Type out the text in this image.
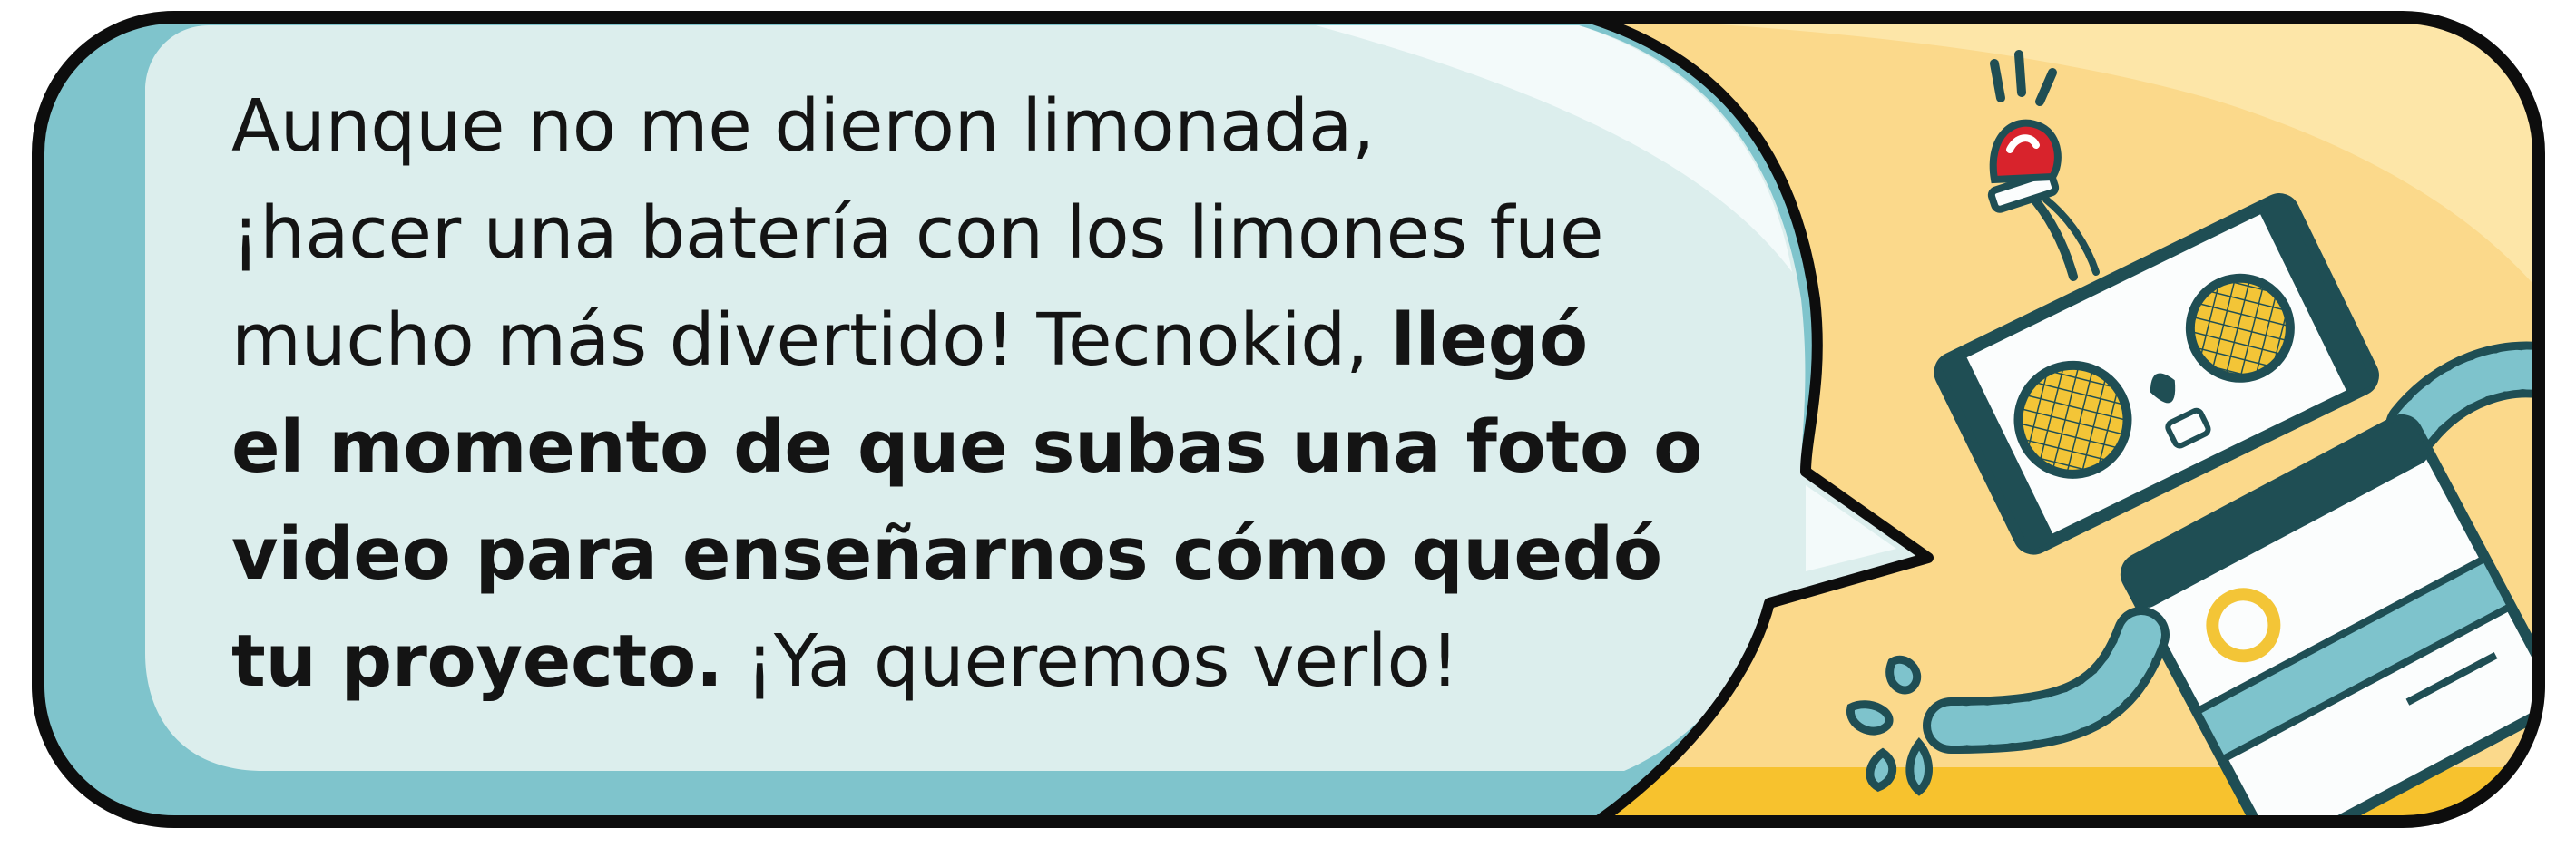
Aunque no me dieron limonada,
¡hacer una batería con los limones fue
mucho más divertido! Tecnokid, llegó
el momento de que subas una foto o
video para enseñarnos cómo quedó
tu proyecto. ¡Ya queremos verlo!
